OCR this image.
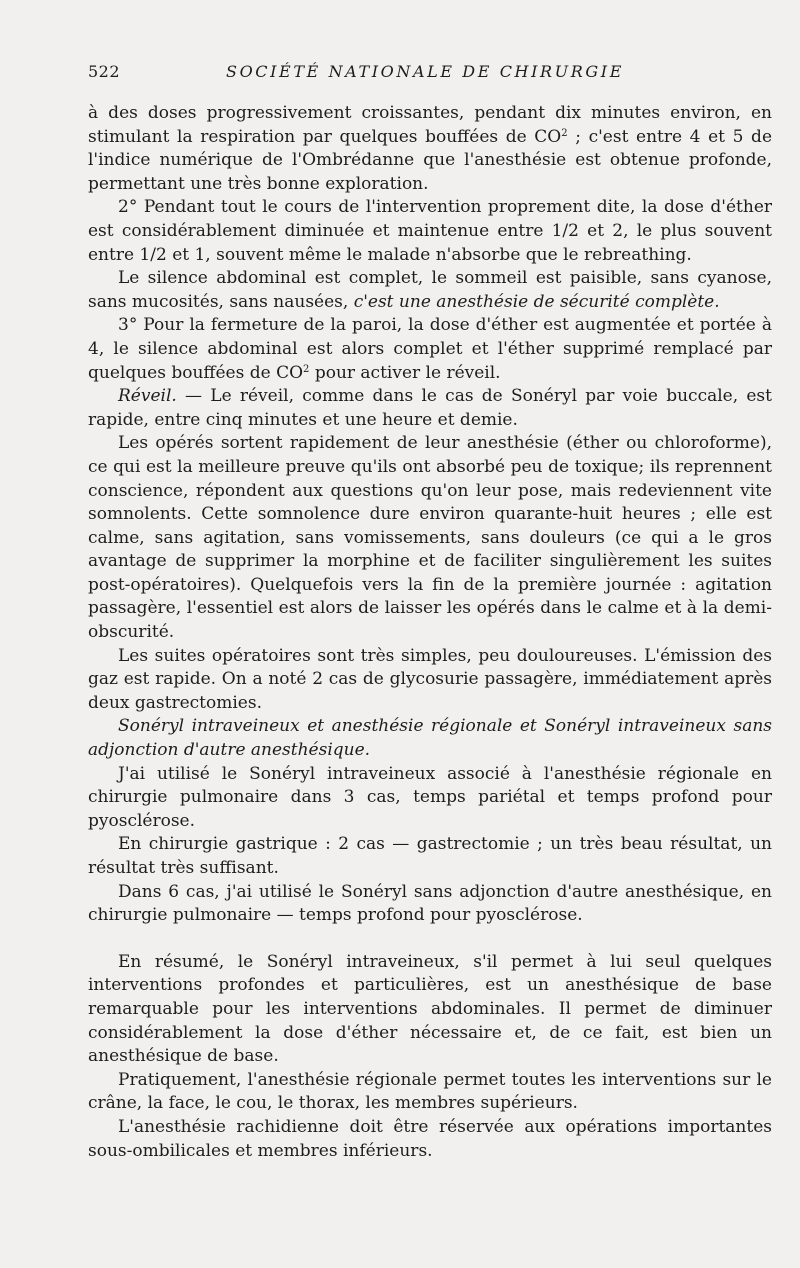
522	SOCIÉTÉ NATIONALE DE CHIRURGIE

à des doses progressivement croissantes, pendant dix minutes environ, en stimulant la respiration par quelques bouffées de $CO^2$ ; c'est entre 4 et 5 de l'indice numérique de l'Ombrédanne que l'anesthésie est obtenue profonde, permettant une très bonne exploration.

2° Pendant tout le cours de l'intervention proprement dite, la dose d'éther est considérablement diminuée et maintenue entre 1/2 et 2, le plus souvent entre 1/2 et 1, souvent même le malade n'absorbe que le rebreathing.

Le silence abdominal est complet, le sommeil est paisible, sans cyanose, sans mucosités, sans nausées, c'est une anesthésie de sécurité complète.

3° Pour la fermeture de la paroi, la dose d'éther est augmentée et portée à 4, le silence abdominal est alors complet et l'éther supprimé remplacé par quelques bouffées de $CO^2$ pour activer le réveil.

Réveil. — Le réveil, comme dans le cas de Sonéryl par voie buccale, est rapide, entre cinq minutes et une heure et demie.

Les opérés sortent rapidement de leur anesthésie (éther ou chloroforme), ce qui est la meilleure preuve qu'ils ont absorbé peu de toxique; ils reprennent conscience, répondent aux questions qu'on leur pose, mais redeviennent vite somnolents. Cette somnolence dure environ quarante-huit heures ; elle est calme, sans agitation, sans vomissements, sans douleurs (ce qui a le gros avantage de supprimer la morphine et de faciliter singulièrement les suites post-opératoires). Quelquefois vers la fin de la première journée : agitation passagère, l'essentiel est alors de laisser les opérés dans le calme et à la demi-obscurité.

Les suites opératoires sont très simples, peu douloureuses. L'émission des gaz est rapide. On a noté 2 cas de glycosurie passagère, immédiatement après deux gastrectomies.

Sonéryl intraveineux et anesthésie régionale et Sonéryl intraveineux sans adjonction d'autre anesthésique.

J'ai utilisé le Sonéryl intraveineux associé à l'anesthésie régionale en chirurgie pulmonaire dans 3 cas, temps pariétal et temps profond pour pyosclérose.

En chirurgie gastrique : 2 cas — gastrectomie ; un très beau résultat, un résultat très suffisant.

Dans 6 cas, j'ai utilisé le Sonéryl sans adjonction d'autre anesthésique, en chirurgie pulmonaire — temps profond pour pyosclérose.

En résumé, le Sonéryl intraveineux, s'il permet à lui seul quelques interventions profondes et particulières, est un anesthésique de base remarquable pour les interventions abdominales. Il permet de diminuer considérablement la dose d'éther nécessaire et, de ce fait, est bien un anesthésique de base.

Pratiquement, l'anesthésie régionale permet toutes les interventions sur le crâne, la face, le cou, le thorax, les membres supérieurs.

L'anesthésie rachidienne doit être réservée aux opérations importantes sous-ombilicales et membres inférieurs.
